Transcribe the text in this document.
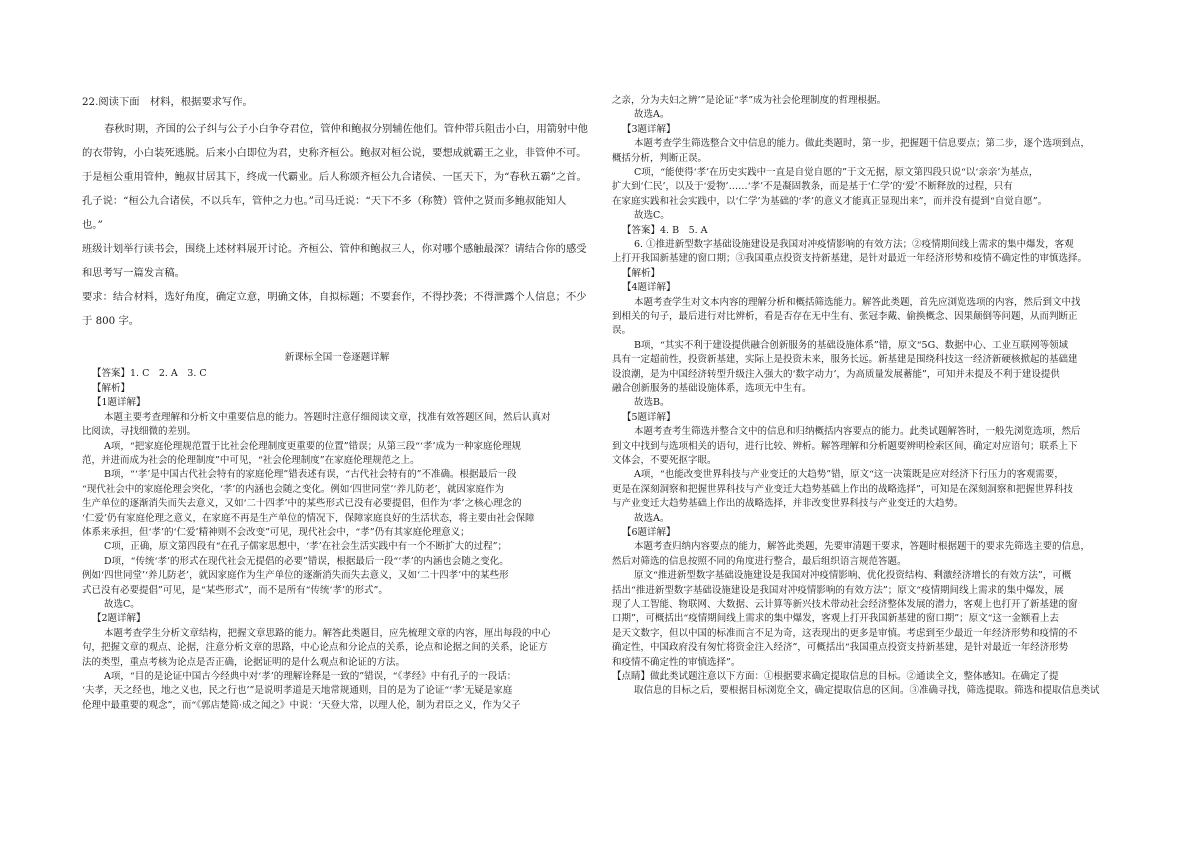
22.阅读下面　材料，根据要求写作。

春秋时期，齐国的公子纠与公子小白争夺君位，管仲和鲍叔分别辅佐他们。管仲带兵阻击小白，用箭射中他

的衣带钩，小白装死逃脱。后来小白即位为君，史称齐桓公。鲍叔对桓公说，要想成就霸王之业，非管仲不可。

于是桓公重用管仲，鲍叔甘居其下，终成一代霸业。后人称颂齐桓公九合诸侯、一匡天下，为“春秋五霸”之首。

孔子说：“桓公九合诸侯，不以兵车，管仲之力也。”司马迁说：“天下不多（称赞）管仲之贤而多鲍叔能知人

也。”

班级计划举行读书会，围绕上述材料展开讨论。齐桓公、管仲和鲍叔三人，你对哪个感触最深？请结合你的感受

和思考写一篇发言稿。

要求：结合材料，选好角度，确定立意，明确文体，自拟标题；不要套作，不得抄袭；不得泄露个人信息；不少

于 800 字。

新课标全国一卷逐题详解

【答案】1. C　2. A　3. C

【解析】

【1题详解】

本题主要考查理解和分析文中重要信息的能力。答题时注意仔细阅读文章，找准有效答题区间，然后认真对

比阅读，寻找细微的差别。

A项，“把家庭伦理规范置于比社会伦理制度更重要的位置”错误；从第三段“‘孝’成为一种家庭伦理规

范，并进而成为社会的伦理制度”中可见，“社会伦理制度”在家庭伦理规范之上。

B项，“‘孝’是中国古代社会特有的家庭伦理”错表述有误，“古代社会特有的”不准确。根据最后一段

“现代社会中的家庭伦理会突化，‘孝’的内涵也会随之变化。例如‘四世同堂’‘养儿防老’，就因家庭作为

生产单位的逐渐消失而失去意义，又如‘二十四孝’中的某些形式已没有必要提倡，但作为‘孝’之核心理念的

‘仁爱’仍有家庭伦理之意义，在家庭不再是生产单位的情况下，保障家庭良好的生活状态，将主要由社会保障

体系来承担，但‘孝’的‘仁爱’精神则不会改变”可见，现代社会中，“孝”仍有其家庭伦理意义；

C项，正确，原文第四段有“在孔子儒家思想中，‘孝’在社会生活实践中有一个不断扩大的过程”；

D项，“传统‘孝’的形式在现代社会无提倡的必要”错误，根据最后一段“‘孝’的内涵也会随之变化。

例如‘四世同堂’‘养儿防老’，就因家庭作为生产单位的逐渐消失而失去意义，又如‘二十四孝’中的某些形

式已没有必要提倡”可见，是“某些形式”，而不是所有“传统‘孝’的形式”。

故选C。

【2题详解】

本题考查学生分析文章结构，把握文章思路的能力。解答此类题目，应先梳理文章的内容，厘出每段的中心

句，把握文章的观点、论据，注意分析文章的思路，中心论点和分论点的关系，论点和论据之间的关系，论证方

法的类型，重点考核为论点是否正确，论据证明的是什么观点和论证的方法。

A项，“目的是论证中国古今经典中对‘孝’的理解诠释是一致的”错误，“《孝经》中有孔子的一段话：

‘夫孝，天之经也，地之义也，民之行也’”是说明孝道是天地常规通则，目的是为了论证“‘孝’无疑是家庭

伦理中最重要的观念”，而“《郭店楚简·成之闻之》中说：‘天登大常，以理人伦，制为君臣之义，作为父子

之亲，分为夫妇之辨’”是论证“孝”成为社会伦理制度的哲理根据。

故选A。

【3题详解】

本题考查学生筛选整合文中信息的能力。做此类题时，第一步，把握题干信息要点；第二步，逐个选项到点，

概括分析，判断正误。

C项，“能使得‘孝’在历史实践中一直是自觉自愿的”于文无据，原文第四段只说“以‘亲亲’为基点，

扩大到‘仁民’，以及于‘爱物’……‘孝’不是凝固教条，而是基于‘仁学’的‘爱’不断释放的过程，只有

在家庭实践和社会实践中，以‘仁学’为基础的‘孝’的意义才能真正显现出来”，而并没有提到“自觉自愿”。

故选C。

【答案】4. B　5. A

6. ①推进新型数字基础设施建设是我国对冲疫情影响的有效方法；②疫情期间线上需求的集中爆发，客观

上打开我国新基建的窗口期；③我国重点投资支持新基建，是针对最近一年经济形势和疫情不确定性的审慎选择。

【解析】

【4题详解】

本题考查学生对文本内容的理解分析和概括筛选能力。解答此类题，首先应浏览选项的内容，然后到文中找

到相关的句子，最后进行对比辨析，看是否存在无中生有、张冠李戴、偷换概念、因果颠倒等问题，从而判断正

误。

B项，“其实不利于建设提供融合创新服务的基础设施体系”错，原文“5G、数据中心、工业互联网等领域

具有一定超前性，投资新基建，实际上是投资未来，服务长远。新基建是围绕科技这一经济新硬核掀起的基础建

设浪潮，是为中国经济转型升级注入强大的‘数字动力’，为高质量发展蓄能”，可知并未提及不利于建设提供

融合创新服务的基础设施体系，选项无中生有。

故选B。

【5题详解】

本题考查考生筛选并整合文中的信息和归纳概括内容要点的能力。此类试题解答时，一般先浏览选项，然后

到文中找到与选项相关的语句，进行比较、辨析。解答理解和分析题要辨明检索区间，确定对应语句；联系上下

文体会，不要死抠字眼。

A项，“也能改变世界科技与产业变迁的大趋势”错，原文“这一决策既是应对经济下行压力的客观需要，

更是在深刻洞察和把握世界科技与产业变迁大趋势基础上作出的战略选择”，可知是在深刻洞察和把握世界科技

与产业变迁大趋势基础上作出的战略选择，并非改变世界科技与产业变迁的大趋势。

故选A。

【6题详解】

本题考查归纳内容要点的能力，解答此类题，先要审清题干要求，答题时根据题干的要求先筛选主要的信息，

然后对筛选的信息按照不同的角度进行整合，最后组织语言规范答题。

原文“推进新型数字基础设施建设是我国对冲疫情影响、优化投资结构、剩激经济增长的有效方法”，可概

括出“推进新型数字基础设施建设是我国对冲疫情影响的有效方法”；原文“疫情期间线上需求的集中爆发，展

现了人工智能、物联网、大数据、云计算等新兴技术带动社会经济整体发展的潜力，客观上也打开了新基建的窗

口期”，可概括出“疫情期间线上需求的集中爆发，客观上打开我国新基建的窗口期”；原文“这一金额看上去

是天文数字，但以中国的标准而言不足为奇，这表现出的更多是审慎。考虑到至少最近一年经济形势和疫情的不

确定性，中国政府没有匆忙将资金注入经济”，可概括出“我国重点投资支持新基建，是针对最近一年经济形势

和疫情不确定性的审慎选择”。

【点睛】做此类试题注意以下方面：①根据要求确定提取信息的目标。②通读全文，整体感知。在确定了提

取信息的目标之后，要根据目标浏览全文，确定提取信息的区间。③准确寻找，筛选提取。筛选和提取信息类试
